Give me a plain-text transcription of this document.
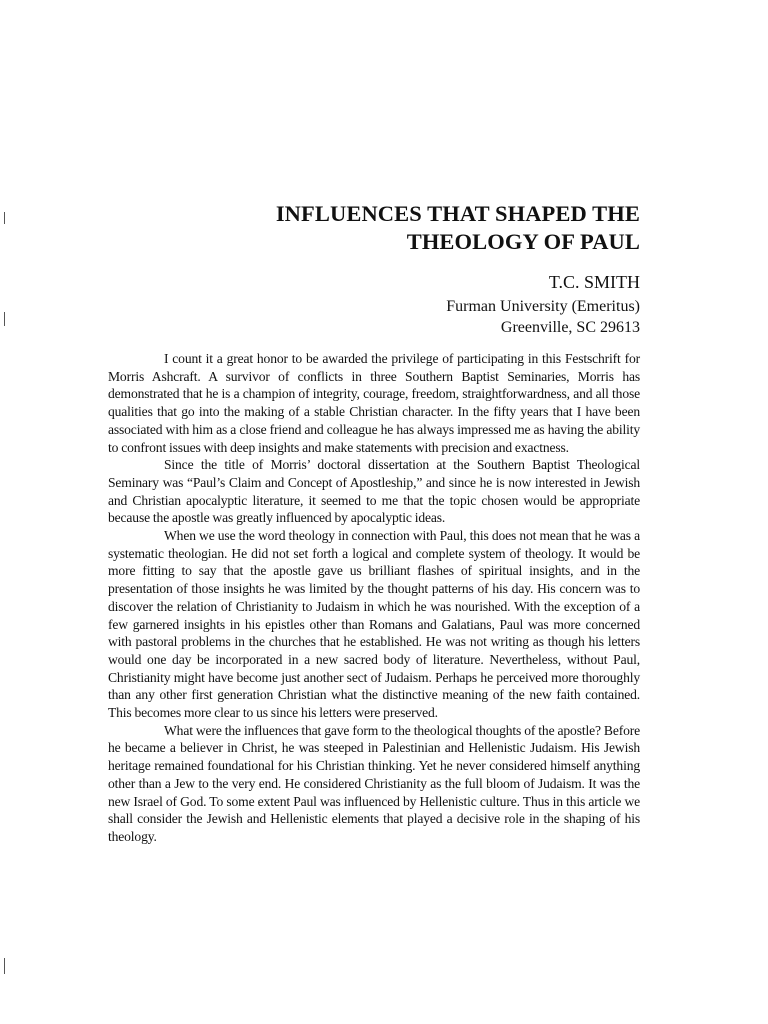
INFLUENCES THAT SHAPED THE
THEOLOGY OF PAUL
T.C. SMITH
Furman University (Emeritus)
Greenville, SC 29613

I count it a great honor to be awarded the privilege of participating in this Festschrift for Morris Ashcraft. A survivor of conflicts in three Southern Baptist Seminaries, Morris has demonstrated that he is a champion of integrity, courage, freedom, straightforwardness, and all those qualities that go into the making of a stable Christian character. In the fifty years that I have been associated with him as a close friend and colleague he has always impressed me as having the ability to confront issues with deep insights and make statements with precision and exactness.

Since the title of Morris’ doctoral dissertation at the Southern Baptist Theological Seminary was “Paul’s Claim and Concept of Apostleship,” and since he is now interested in Jewish and Christian apocalyptic literature, it seemed to me that the topic chosen would be appropriate because the apostle was greatly influenced by apocalyptic ideas.

When we use the word theology in connection with Paul, this does not mean that he was a systematic theologian. He did not set forth a logical and complete system of theology. It would be more fitting to say that the apostle gave us brilliant flashes of spiritual insights, and in the presentation of those insights he was limited by the thought patterns of his day. His concern was to discover the relation of Christianity to Judaism in which he was nourished. With the exception of a few garnered insights in his epistles other than Romans and Galatians, Paul was more concerned with pastoral problems in the churches that he established. He was not writing as though his letters would one day be incorporated in a new sacred body of literature. Nevertheless, without Paul, Christianity might have become just another sect of Judaism. Perhaps he perceived more thoroughly than any other first generation Christian what the distinctive meaning of the new faith contained. This becomes more clear to us since his letters were preserved.

What were the influences that gave form to the theological thoughts of the apostle? Before he became a believer in Christ, he was steeped in Palestinian and Hellenistic Judaism. His Jewish heritage remained foundational for his Christian thinking. Yet he never considered himself anything other than a Jew to the very end. He considered Christianity as the full bloom of Judaism. It was the new Israel of God. To some extent Paul was influenced by Hellenistic culture. Thus in this article we shall consider the Jewish and Hellenistic elements that played a decisive role in the shaping of his theology.
